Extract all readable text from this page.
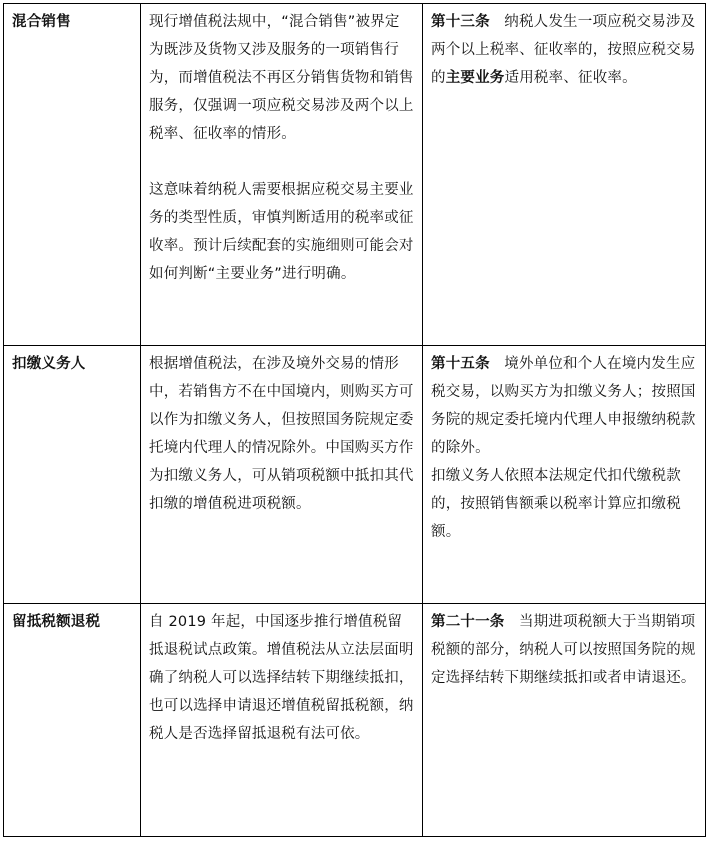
混合销售	现行增值税法规中，“混合销售”被界定为既涉及货物又涉及服务的一项销售行为，而增值税法不再区分销售货物和销售服务，仅强调一项应税交易涉及两个以上税率、征收率的情形。

这意味着纳税人需要根据应税交易主要业务的类型性质，审慎判断适用的税率或征收率。预计后续配套的实施细则可能会对如何判断“主要业务”进行明确。	第十三条 纳税人发生一项应税交易涉及两个以上税率、征收率的，按照应税交易的主要业务适用税率、征收率。

扣缴义务人	根据增值税法，在涉及境外交易的情形中，若销售方不在中国境内，则购买方可以作为扣缴义务人，但按照国务院规定委托境内代理人的情况除外。中国购买方作为扣缴义务人，可从销项税额中抵扣其代扣缴的增值税进项税额。	第十五条 境外单位和个人在境内发生应税交易，以购买方为扣缴义务人；按照国务院的规定委托境内代理人申报缴纳税款的除外。

扣缴义务人依照本法规定代扣代缴税款的，按照销售额乘以税率计算应扣缴税额。

留抵税额退税	自 2019 年起，中国逐步推行增值税留抵退税试点政策。增值税法从立法层面明确了纳税人可以选择结转下期继续抵扣，也可以选择申请退还增值税留抵税额，纳税人是否选择留抵退税有法可依。	第二十一条 当期进项税额大于当期销项税额的部分，纳税人可以按照国务院的规定选择结转下期继续抵扣或者申请退还。
